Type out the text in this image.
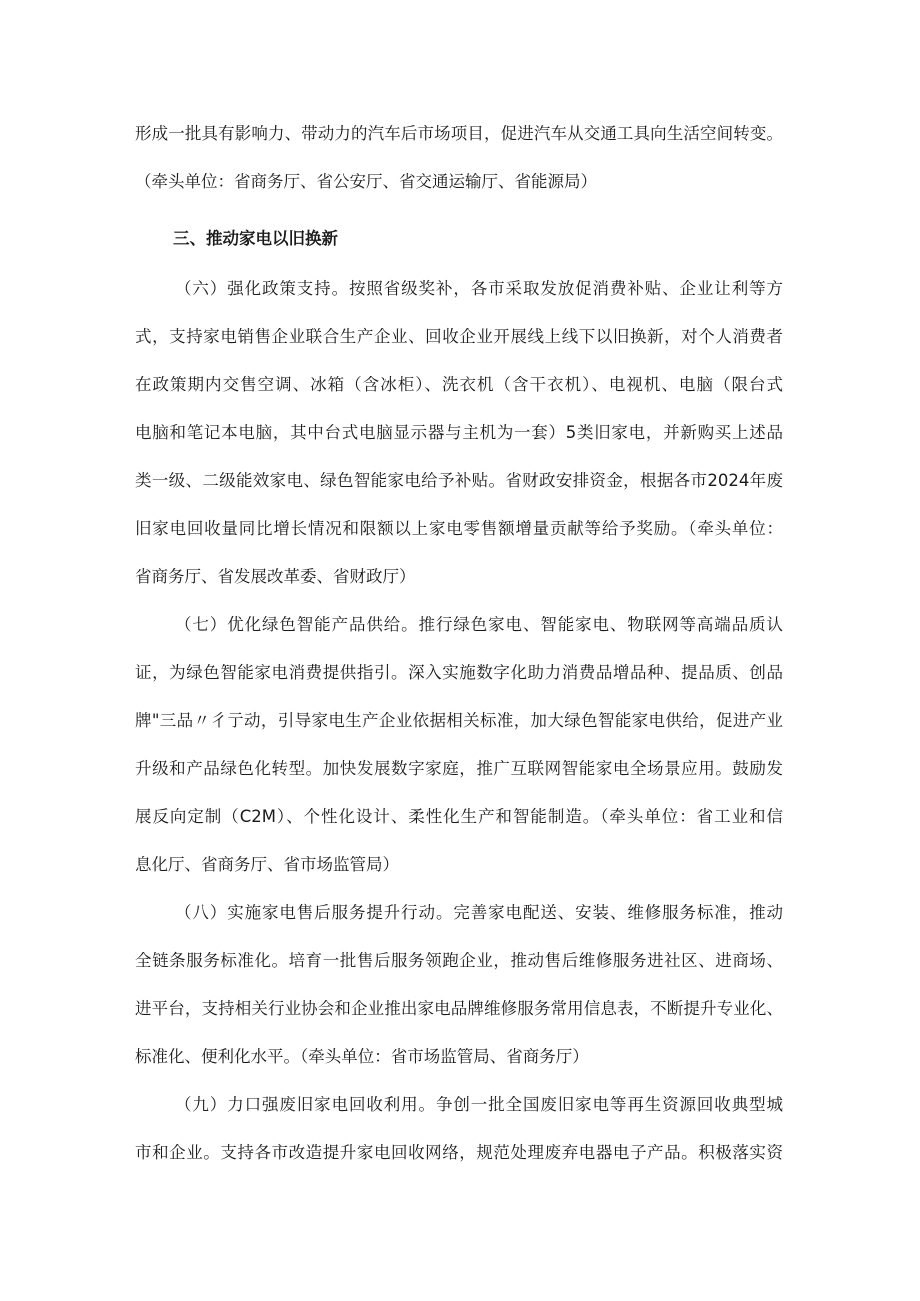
形成一批具有影响力、带动力的汽车后市场项目，促进汽车从交通工具向生活空间转变。
（牵头单位：省商务厅、省公安厅、省交通运输厅、省能源局）
三、推动家电以旧换新
（六）强化政策支持。按照省级奖补，各市采取发放促消费补贴、企业让利等方
式，支持家电销售企业联合生产企业、回收企业开展线上线下以旧换新，对个人消费者
在政策期内交售空调、冰箱（含冰柜）、洗衣机（含干衣机）、电视机、电脑（限台式
电脑和笔记本电脑，其中台式电脑显示器与主机为一套）5类旧家电，并新购买上述品
类一级、二级能效家电、绿色智能家电给予补贴。省财政安排资金，根据各市2024年废
旧家电回收量同比增长情况和限额以上家电零售额增量贡献等给予奖励。（牵头单位：
省商务厅、省发展改革委、省财政厅）
（七）优化绿色智能产品供给。推行绿色家电、智能家电、物联网等高端品质认
证，为绿色智能家电消费提供指引。深入实施数字化助力消费品增品种、提品质、创品
牌"三品〃彳亍动，引导家电生产企业依据相关标准，加大绿色智能家电供给，促进产业
升级和产品绿色化转型。加快发展数字家庭，推广互联网智能家电全场景应用。鼓励发
展反向定制（C2M）、个性化设计、柔性化生产和智能制造。（牵头单位：省工业和信
息化厅、省商务厅、省市场监管局）
（八）实施家电售后服务提升行动。完善家电配送、安装、维修服务标准，推动
全链条服务标准化。培育一批售后服务领跑企业，推动售后维修服务进社区、进商场、
进平台，支持相关行业协会和企业推出家电品牌维修服务常用信息表，不断提升专业化、
标准化、便利化水平。（牵头单位：省市场监管局、省商务厅）
（九）力口强废旧家电回收利用。争创一批全国废旧家电等再生资源回收典型城
市和企业。支持各市改造提升家电回收网络，规范处理废弃电器电子产品。积极落实资
